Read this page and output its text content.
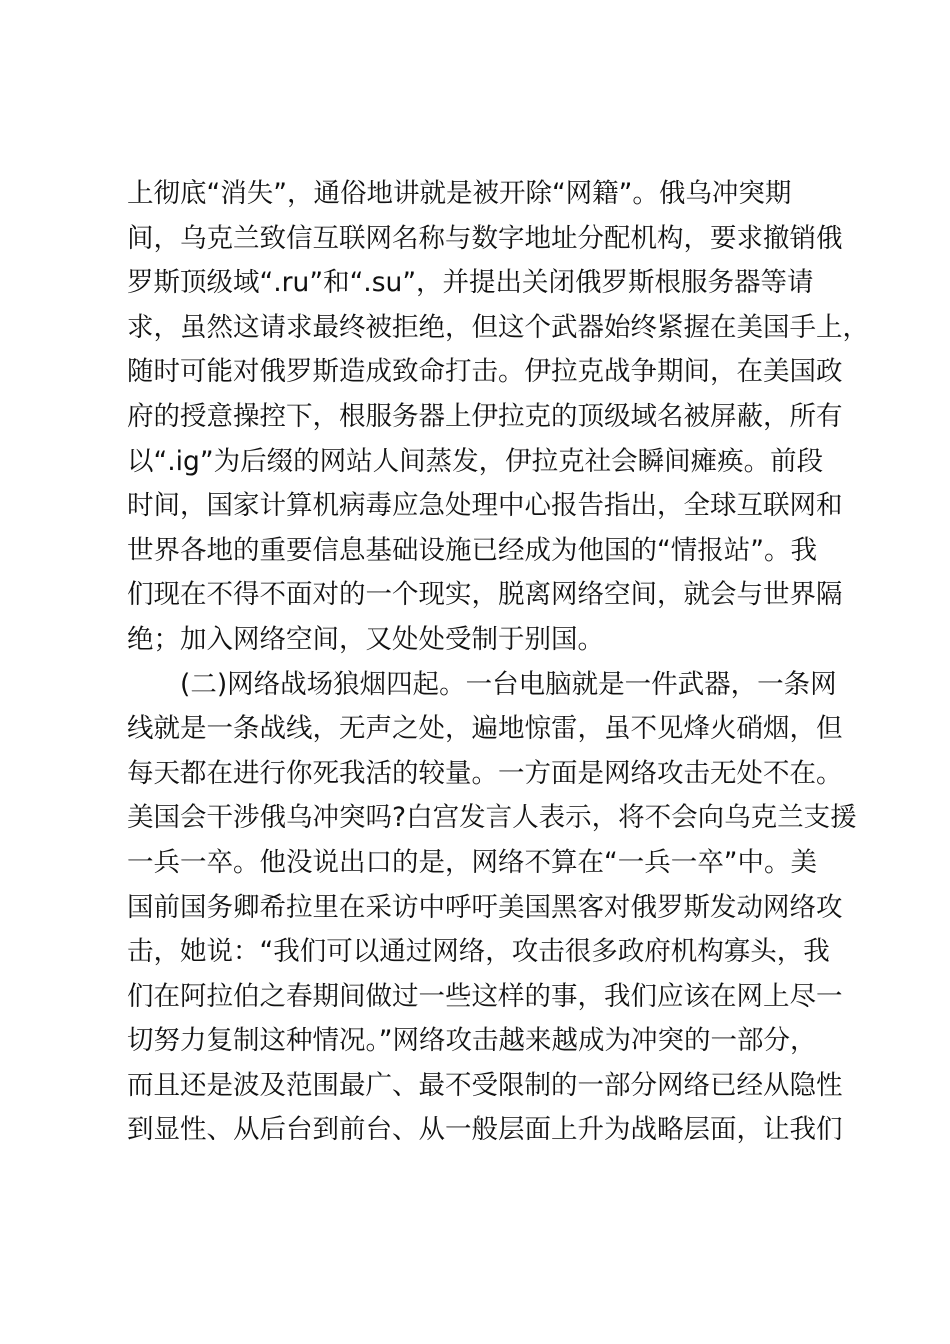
上彻底“消失”，通俗地讲就是被开除“网籍”。俄乌冲突期
间，乌克兰致信互联网名称与数字地址分配机构，要求撤销俄
罗斯顶级域“.ru”和“.su”，并提出关闭俄罗斯根服务器等请
求，虽然这请求最终被拒绝，但这个武器始终紧握在美国手上，
随时可能对俄罗斯造成致命打击。伊拉克战争期间，在美国政
府的授意操控下，根服务器上伊拉克的顶级域名被屏蔽，所有
以“.ig”为后缀的网站人间蒸发，伊拉克社会瞬间瘫痪。前段
时间，国家计算机病毒应急处理中心报告指出，全球互联网和
世界各地的重要信息基础设施已经成为他国的“情报站”。我
们现在不得不面对的一个现实，脱离网络空间，就会与世界隔
绝；加入网络空间，又处处受制于别国。
　　(二)网络战场狼烟四起。一台电脑就是一件武器，一条网
线就是一条战线，无声之处，遍地惊雷，虽不见烽火硝烟，但
每天都在进行你死我活的较量。一方面是网络攻击无处不在。
美国会干涉俄乌冲突吗?白宫发言人表示，将不会向乌克兰支援
一兵一卒。他没说出口的是，网络不算在“一兵一卒”中。美
国前国务卿希拉里在采访中呼吁美国黑客对俄罗斯发动网络攻
击，她说：“我们可以通过网络，攻击很多政府机构寡头，我
们在阿拉伯之春期间做过一些这样的事，我们应该在网上尽一
切努力复制这种情况。”网络攻击越来越成为冲突的一部分，
而且还是波及范围最广、最不受限制的一部分网络已经从隐性
到显性、从后台到前台、从一般层面上升为战略层面，让我们
